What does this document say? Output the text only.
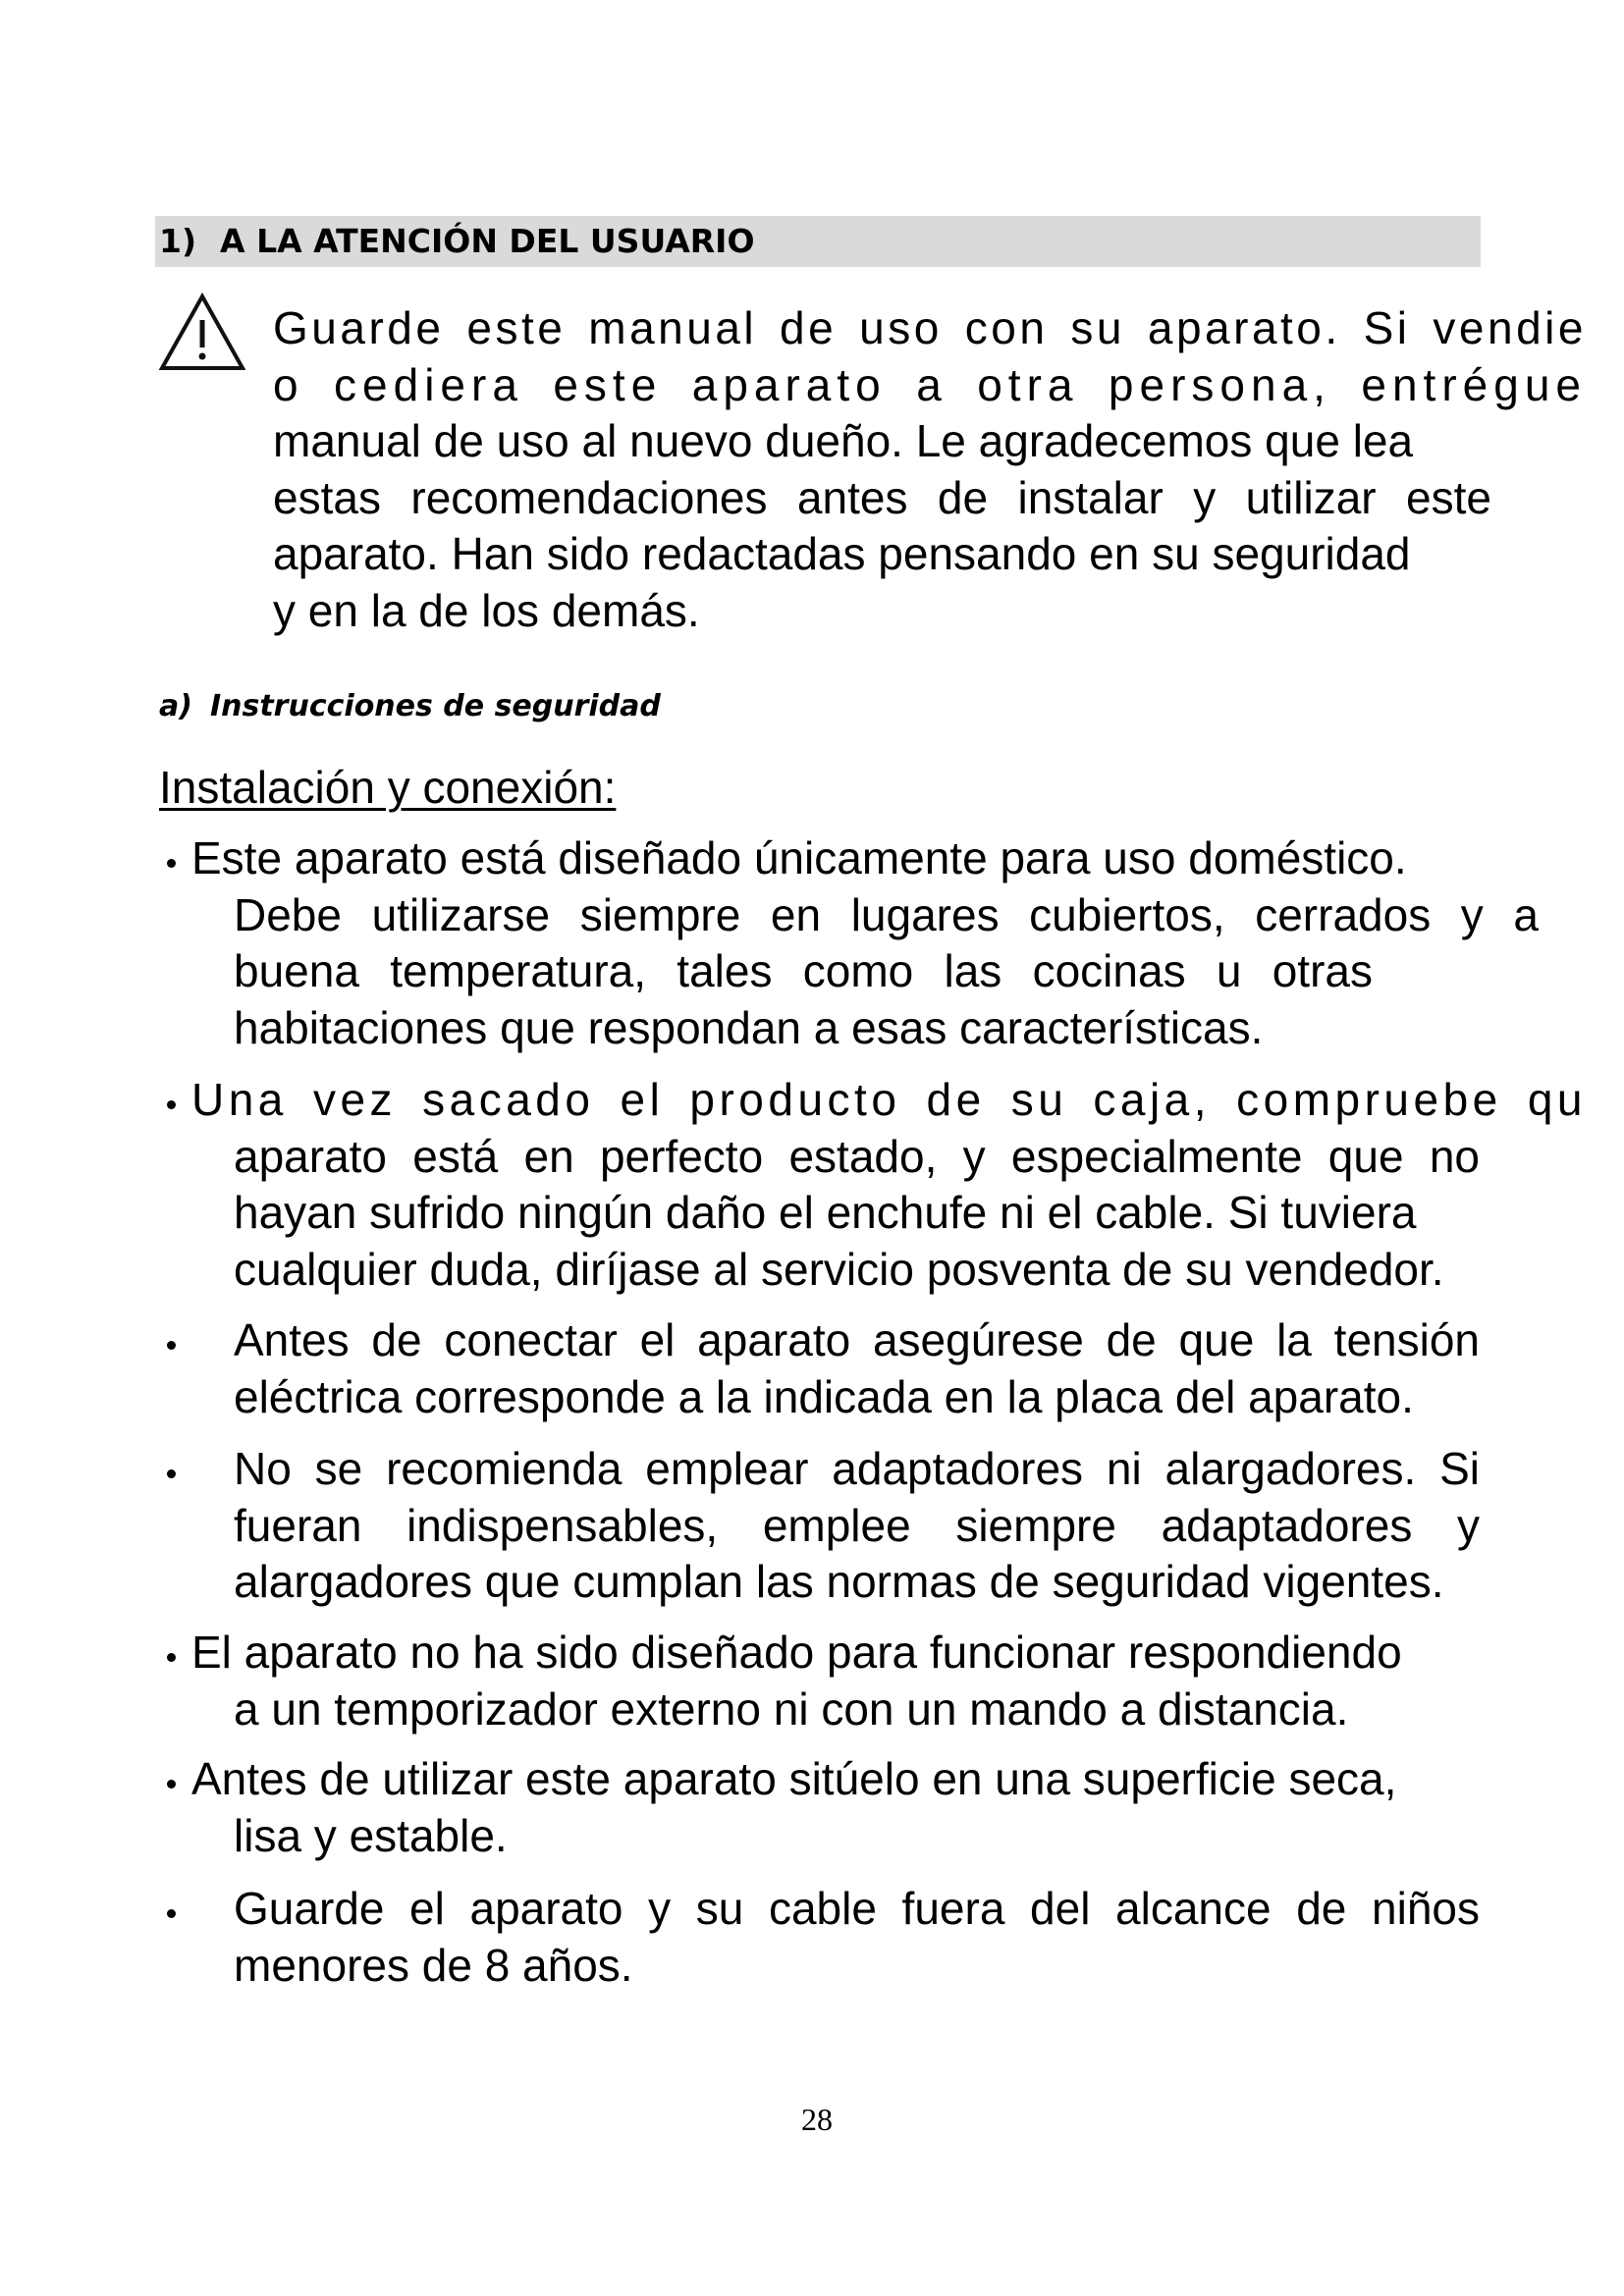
1) A LA ATENCIÓN DEL USUARIO
Guarde este manual de uso con su aparato. Si vendie
o cediera este aparato a otra persona, entrégue
manual de uso al nuevo dueño. Le agradecemos que lea
estas recomendaciones antes de instalar y utilizar este
aparato. Han sido redactadas pensando en su seguridad
y en la de los demás.
a) Instrucciones de seguridad
Instalación y conexión:
Este aparato está diseñado únicamente para uso doméstico.
Debe utilizarse siempre en lugares cubiertos, cerrados y a
buena temperatura, tales como las cocinas u otras
habitaciones que respondan a esas características.
Una vez sacado el producto de su caja, compruebe qu
aparato está en perfecto estado, y especialmente que no
hayan sufrido ningún daño el enchufe ni el cable. Si tuviera
cualquier duda, diríjase al servicio posventa de su vendedor.
Antes de conectar el aparato asegúrese de que la tensión
eléctrica corresponde a la indicada en la placa del aparato.
No se recomienda emplear adaptadores ni alargadores. Si
fueran indispensables, emplee siempre adaptadores y
alargadores que cumplan las normas de seguridad vigentes.
El aparato no ha sido diseñado para funcionar respondiendo
a un temporizador externo ni con un mando a distancia.
Antes de utilizar este aparato sitúelo en una superficie seca,
lisa y estable.
Guarde el aparato y su cable fuera del alcance de niños
menores de 8 años.
28
